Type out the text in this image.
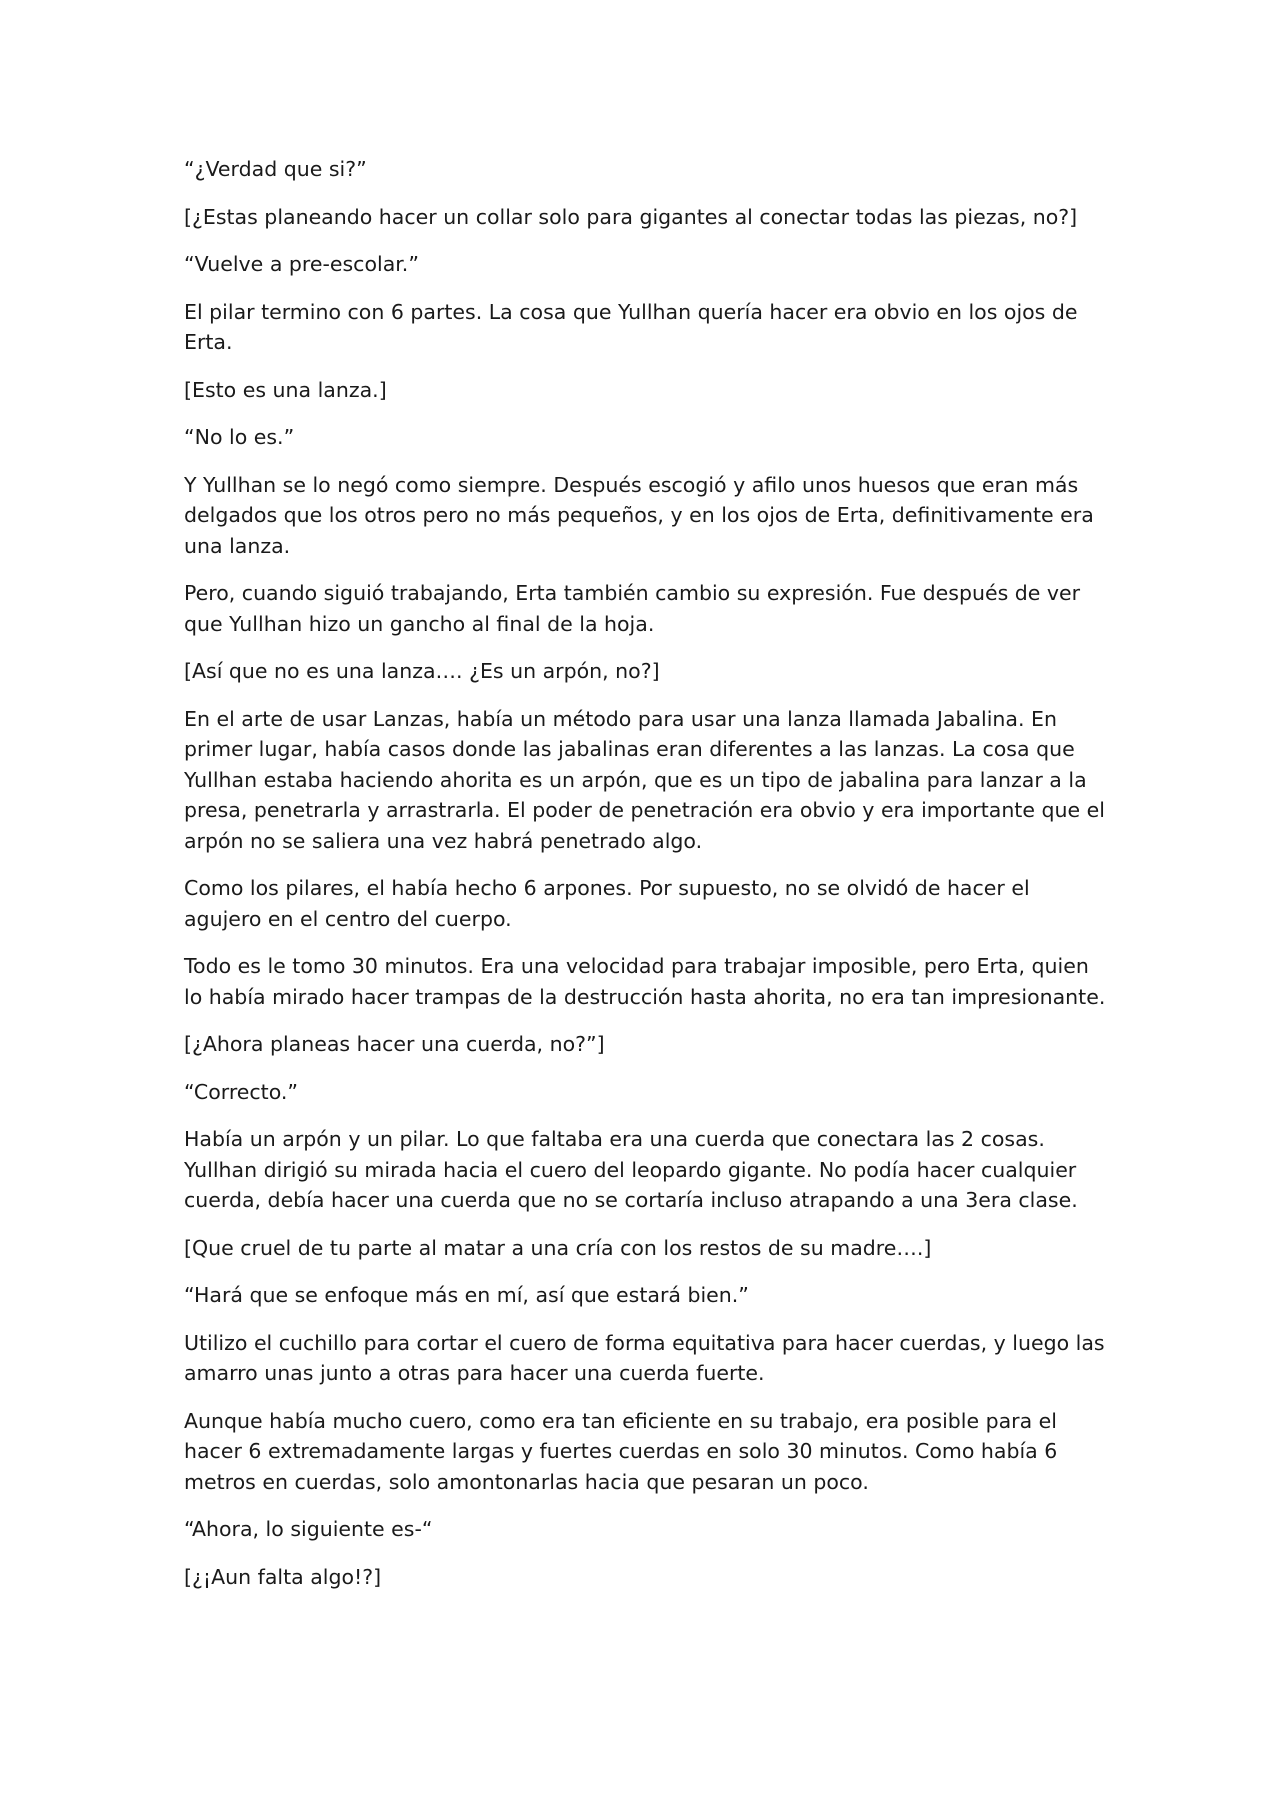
“¿Verdad que si?”

[¿Estas planeando hacer un collar solo para gigantes al conectar todas las piezas, no?]

“Vuelve a pre-escolar.”

El pilar termino con 6 partes. La cosa que Yullhan quería hacer era obvio en los ojos de Erta.

[Esto es una lanza.]

“No lo es.”

Y Yullhan se lo negó como siempre. Después escogió y afilo unos huesos que eran más delgados que los otros pero no más pequeños, y en los ojos de Erta, definitivamente era una lanza.

Pero, cuando siguió trabajando, Erta también cambio su expresión. Fue después de ver que Yullhan hizo un gancho al final de la hoja.

[Así que no es una lanza…. ¿Es un arpón, no?]

En el arte de usar Lanzas, había un método para usar una lanza llamada Jabalina. En primer lugar, había casos donde las jabalinas eran diferentes a las lanzas. La cosa que Yullhan estaba haciendo ahorita es un arpón, que es un tipo de jabalina para lanzar a la presa, penetrarla y arrastrarla. El poder de penetración era obvio y era importante que el arpón no se saliera una vez habrá penetrado algo.

Como los pilares, el había hecho 6 arpones. Por supuesto, no se olvidó de hacer el agujero en el centro del cuerpo.

Todo es le tomo 30 minutos. Era una velocidad para trabajar imposible, pero Erta, quien lo había mirado hacer trampas de la destrucción hasta ahorita, no era tan impresionante.

[¿Ahora planeas hacer una cuerda, no?”]

“Correcto.”

Había un arpón y un pilar. Lo que faltaba era una cuerda que conectara las 2 cosas. Yullhan dirigió su mirada hacia el cuero del leopardo gigante. No podía hacer cualquier cuerda, debía hacer una cuerda que no se cortaría incluso atrapando a una 3era clase.

[Que cruel de tu parte al matar a una cría con los restos de su madre….]

“Hará que se enfoque más en mí, así que estará bien.”

Utilizo el cuchillo para cortar el cuero de forma equitativa para hacer cuerdas, y luego las amarro unas junto a otras para hacer una cuerda fuerte.

Aunque había mucho cuero, como era tan eficiente en su trabajo, era posible para el hacer 6 extremadamente largas y fuertes cuerdas en solo 30 minutos. Como había 6 metros en cuerdas, solo amontonarlas hacia que pesaran un poco.

“Ahora, lo siguiente es-“

[¿¡Aun falta algo!?]
